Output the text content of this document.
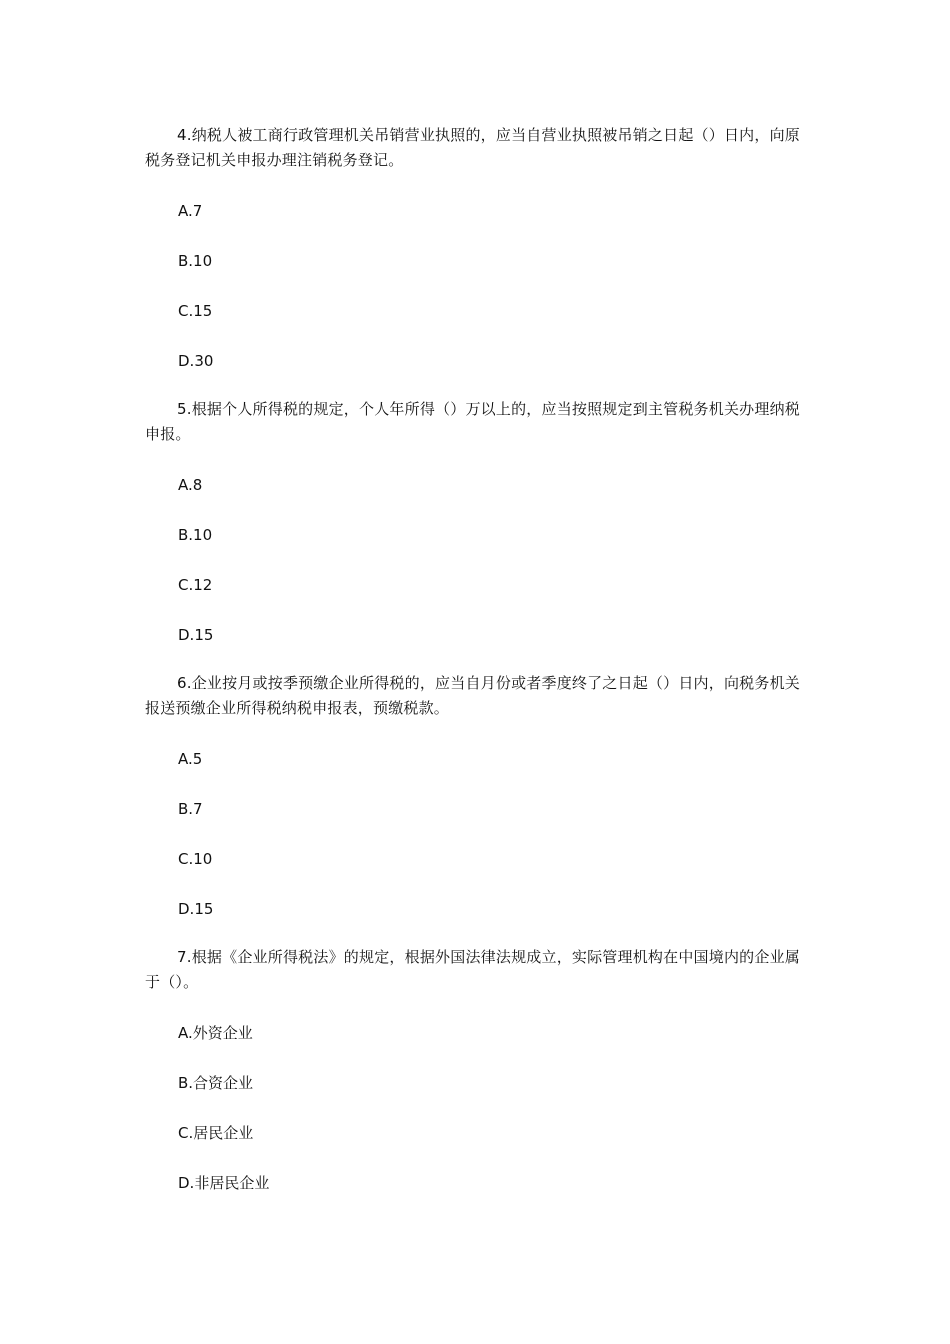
4.纳税人被工商行政管理机关吊销营业执照的，应当自营业执照被吊销之日起（）日内，向原税务登记机关申报办理注销税务登记。
A.7
B.10
C.15
D.30
5.根据个人所得税的规定，个人年所得（）万以上的，应当按照规定到主管税务机关办理纳税申报。
A.8
B.10
C.12
D.15
6.企业按月或按季预缴企业所得税的，应当自月份或者季度终了之日起（）日内，向税务机关报送预缴企业所得税纳税申报表，预缴税款。
A.5
B.7
C.10
D.15
7.根据《企业所得税法》的规定，根据外国法律法规成立，实际管理机构在中国境内的企业属于（）。
A.外资企业
B.合资企业
C.居民企业
D.非居民企业
